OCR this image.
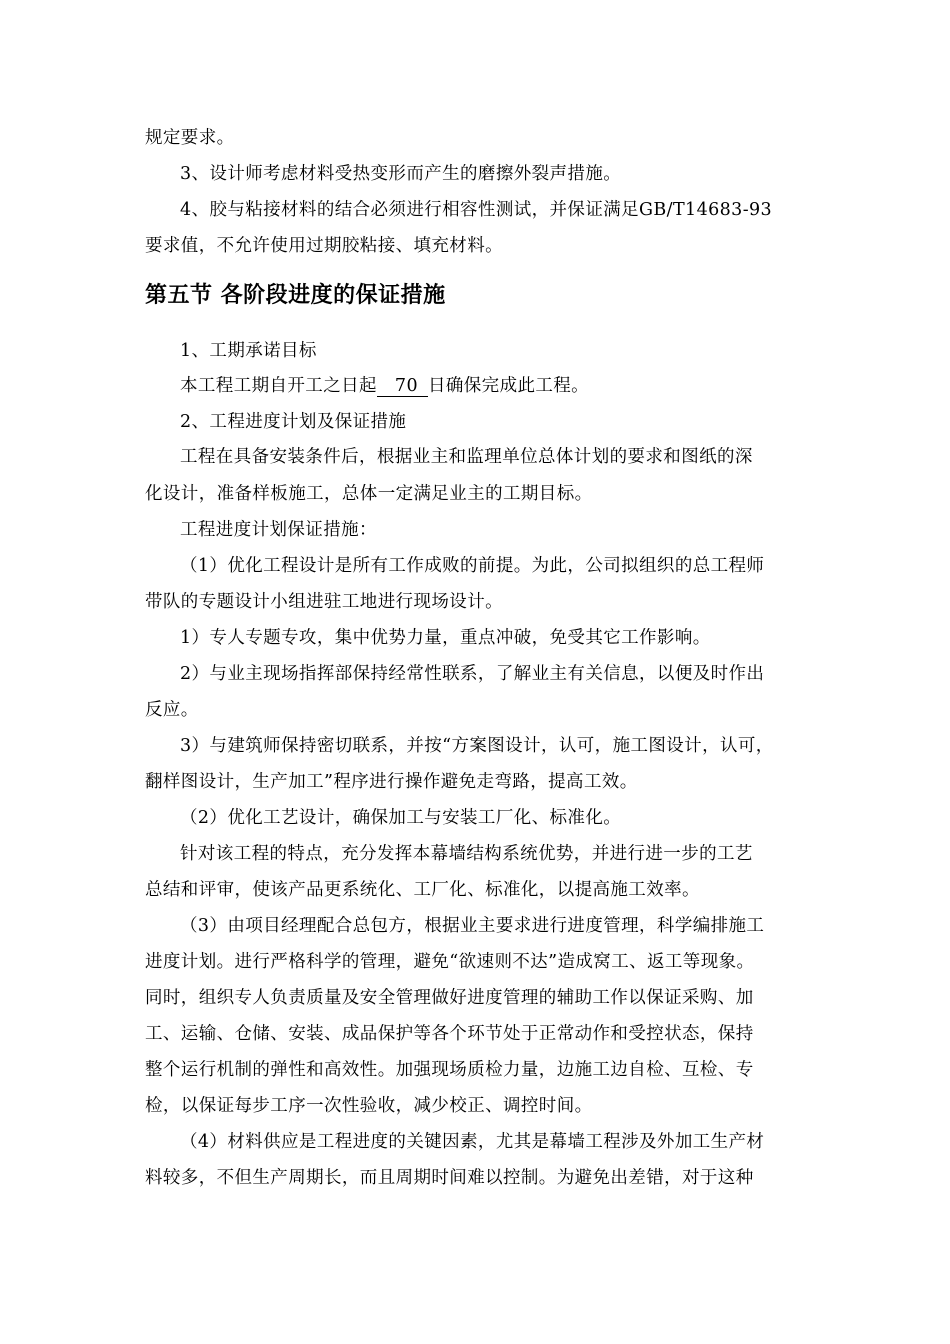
规定要求。
3、设计师考虑材料受热变形而产生的磨擦外裂声措施。
4、胶与粘接材料的结合必须进行相容性测试，并保证满足GB/T14683-93
要求值，不允许使用过期胶粘接、填充材料。
第五节 各阶段进度的保证措施
1、工期承诺目标
本工程工期自开工之日起 70 日确保完成此工程。
2、工程进度计划及保证措施
工程在具备安装条件后，根据业主和监理单位总体计划的要求和图纸的深
化设计，准备样板施工，总体一定满足业主的工期目标。
工程进度计划保证措施：
（1）优化工程设计是所有工作成败的前提。为此，公司拟组织的总工程师
带队的专题设计小组进驻工地进行现场设计。
1）专人专题专攻，集中优势力量，重点冲破，免受其它工作影响。
2）与业主现场指挥部保持经常性联系，了解业主有关信息，以便及时作出
反应。
3）与建筑师保持密切联系，并按“方案图设计，认可，施工图设计，认可，
翻样图设计，生产加工”程序进行操作避免走弯路，提高工效。
（2）优化工艺设计，确保加工与安装工厂化、标准化。
针对该工程的特点，充分发挥本幕墙结构系统优势，并进行进一步的工艺
总结和评审，使该产品更系统化、工厂化、标准化，以提高施工效率。
（3）由项目经理配合总包方，根据业主要求进行进度管理，科学编排施工
进度计划。进行严格科学的管理，避免“欲速则不达”造成窝工、返工等现象。
同时，组织专人负责质量及安全管理做好进度管理的辅助工作以保证采购、加
工、运输、仓储、安装、成品保护等各个环节处于正常动作和受控状态，保持
整个运行机制的弹性和高效性。加强现场质检力量，边施工边自检、互检、专
检，以保证每步工序一次性验收，减少校正、调控时间。
（4）材料供应是工程进度的关键因素，尤其是幕墙工程涉及外加工生产材
料较多，不但生产周期长，而且周期时间难以控制。为避免出差错，对于这种
